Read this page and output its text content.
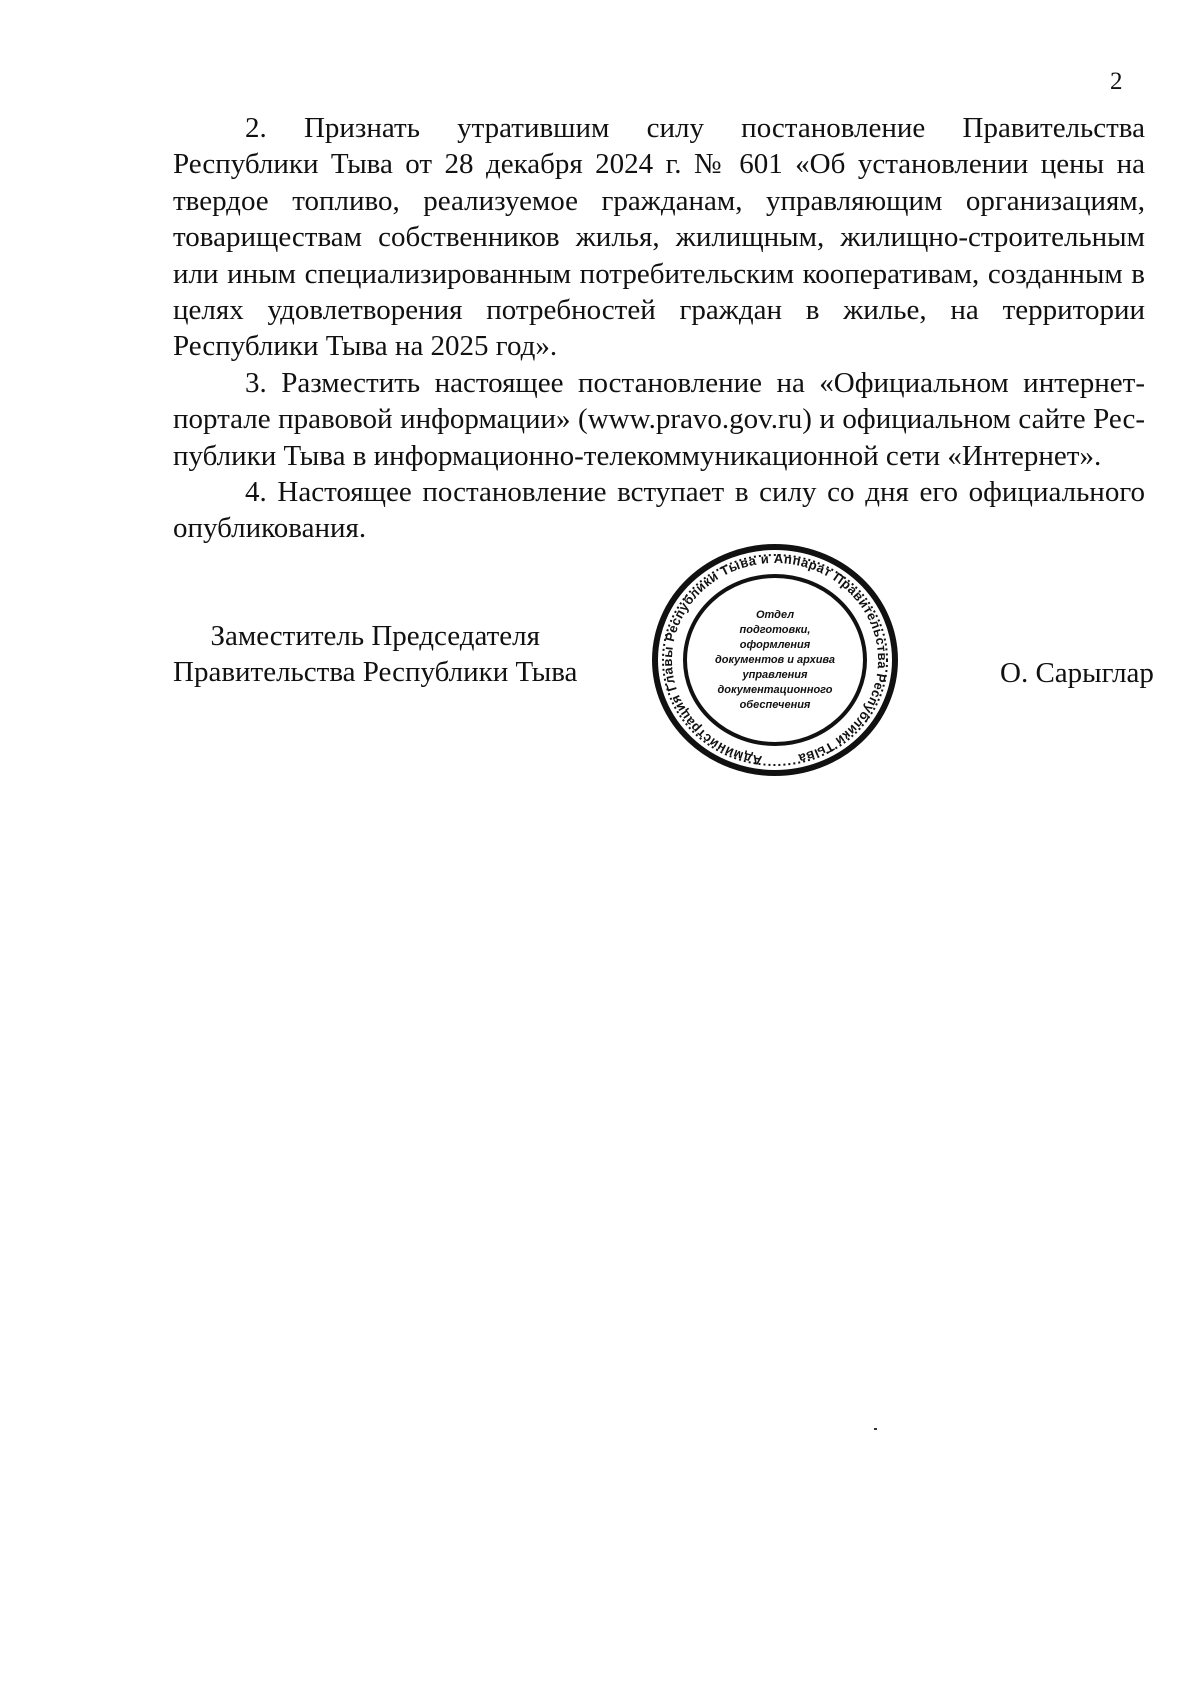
2

2. Признать утратившим силу постановление Правительства Республики Тыва от 28 декабря 2024 г. № 601 «Об установлении цены на твердое топливо, реализуемое гражданам, управляющим организациям, товариществам собственников жилья, жилищным, жилищно-строительным или иным специализированным потребительским кооперативам, созданным в целях удовлетворения потребностей граждан в жилье, на территории Республики Тыва на 2025 год».

3. Разместить настоящее постановление на «Официальном интернет-портале правовой информации» (www.pravo.gov.ru) и официальном сайте Республики Тыва в информационно-телекоммуникационной сети «Интернет».

4. Настоящее постановление вступает в силу со дня его официального опубликования.

Заместитель Председателя
Правительства Республики Тыва	О. Сарыглар
Администрация Главы Республики Тыва и Аппарат Правительства Республики Тыва
Отдел
подготовки,
оформления
документов и архива
управления
документационного
обеспечения
